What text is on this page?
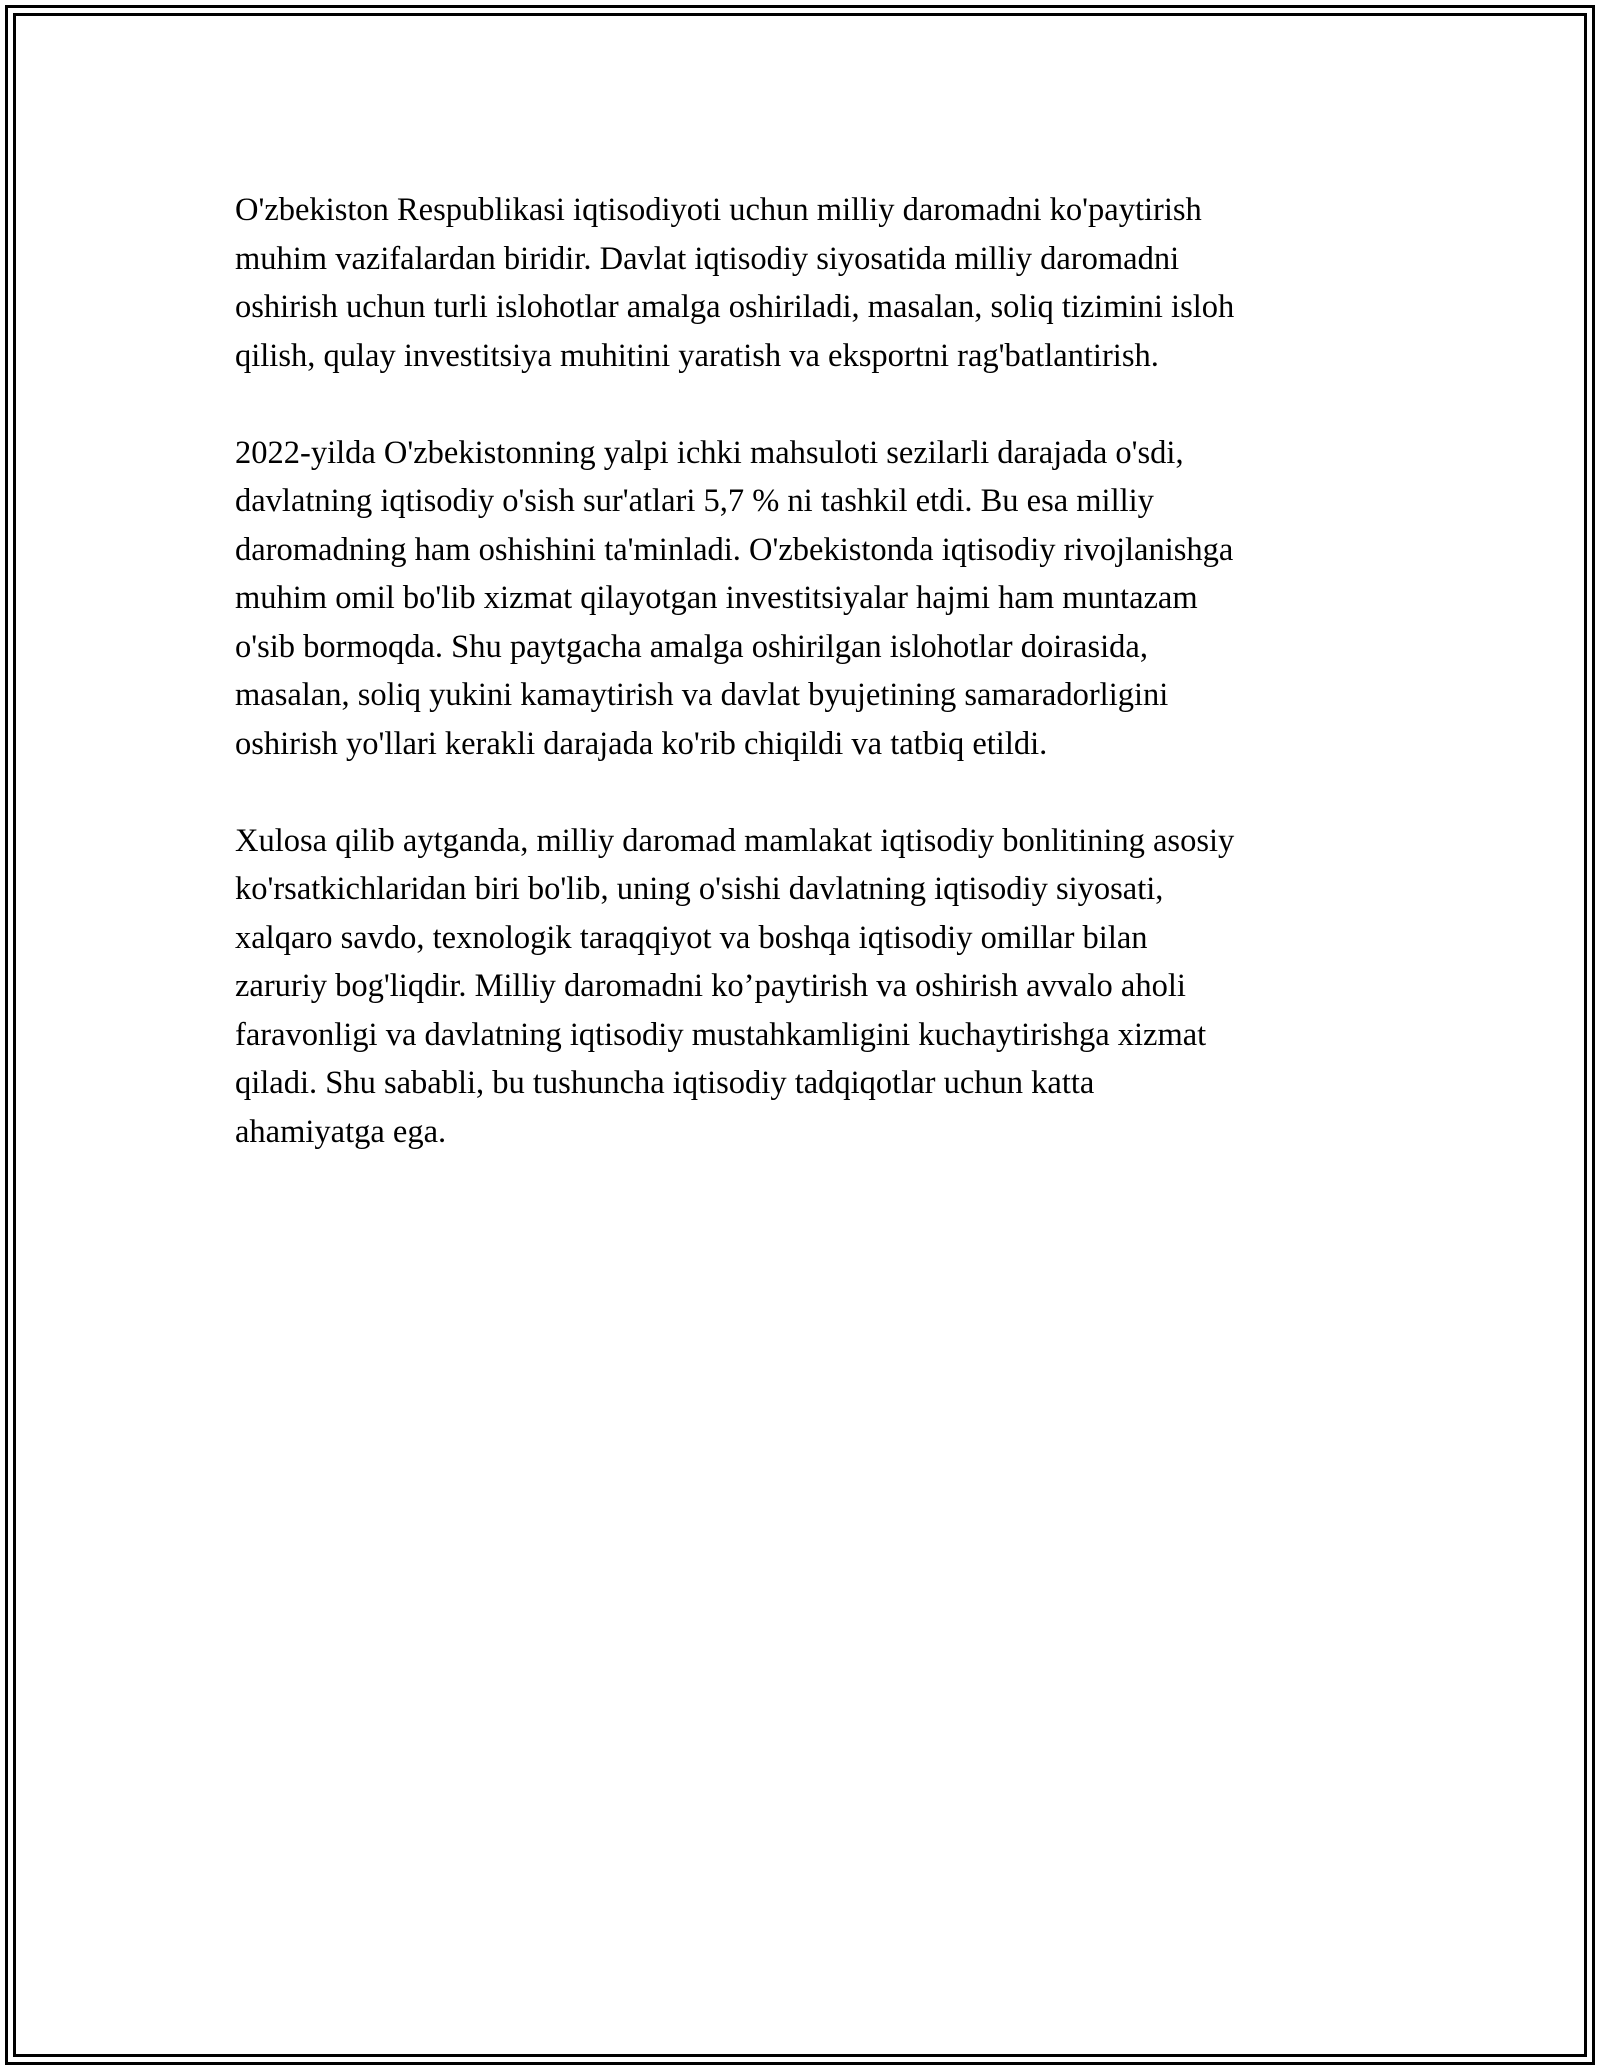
O'zbekiston Respublikasi iqtisodiyoti uchun milliy daromadni ko'paytirish
muhim vazifalardan biridir. Davlat iqtisodiy siyosatida milliy daromadni
oshirish uchun turli islohotlar amalga oshiriladi, masalan, soliq tizimini isloh
qilish, qulay investitsiya muhitini yaratish va eksportni rag'batlantirish.

2022-yilda O'zbekistonning yalpi ichki mahsuloti sezilarli darajada o'sdi,
davlatning iqtisodiy o'sish sur'atlari 5,7 % ni tashkil etdi. Bu esa milliy
daromadning ham oshishini ta'minladi. O'zbekistonda iqtisodiy rivojlanishga
muhim omil bo'lib xizmat qilayotgan investitsiyalar hajmi ham muntazam
o'sib bormoqda. Shu paytgacha amalga oshirilgan islohotlar doirasida,
masalan, soliq yukini kamaytirish va davlat byujetining samaradorligini
oshirish yo'llari kerakli darajada ko'rib chiqildi va tatbiq etildi.

Xulosa qilib aytganda, milliy daromad mamlakat iqtisodiy bonlitining asosiy
ko'rsatkichlaridan biri bo'lib, uning o'sishi davlatning iqtisodiy siyosati,
xalqaro savdo, texnologik taraqqiyot va boshqa iqtisodiy omillar bilan
zaruriy bog'liqdir. Milliy daromadni ko’paytirish va oshirish avvalo aholi
faravonligi va davlatning iqtisodiy mustahkamligini kuchaytirishga xizmat
qiladi. Shu sababli, bu tushuncha iqtisodiy tadqiqotlar uchun katta
ahamiyatga ega.
